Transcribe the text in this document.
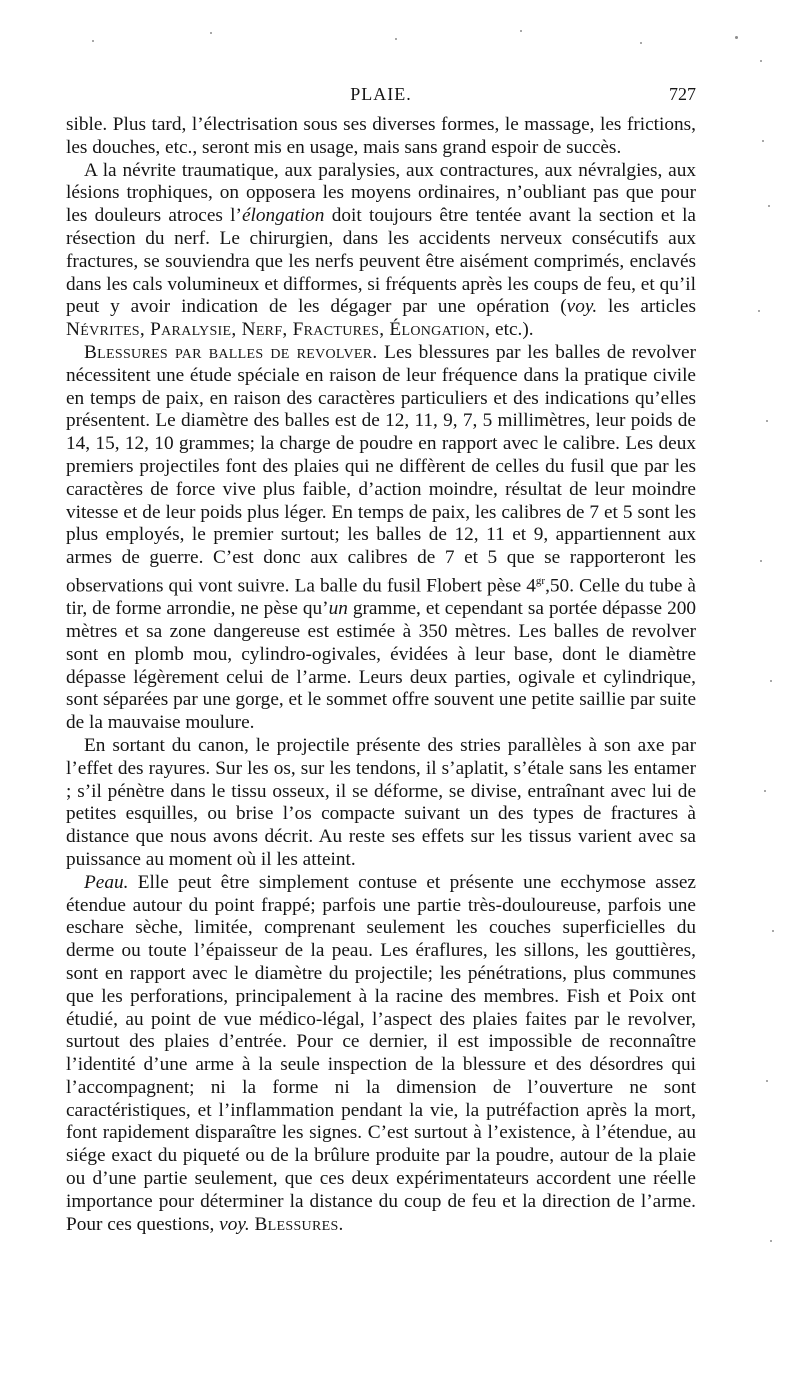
PLAIE.	727

sible. Plus tard, l’électrisation sous ses diverses formes, le massage, les frictions, les douches, etc., seront mis en usage, mais sans grand espoir de succès.

A la névrite traumatique, aux paralysies, aux contractures, aux névralgies, aux lésions trophiques, on opposera les moyens ordinaires, n’oubliant pas que pour les douleurs atroces l’élongation doit toujours être tentée avant la section et la résection du nerf. Le chirurgien, dans les accidents nerveux consécutifs aux fractures, se souviendra que les nerfs peuvent être aisément comprimés, enclavés dans les cals volumineux et difformes, si fréquents après les coups de feu, et qu’il peut y avoir indication de les dégager par une opération (voy. les articles Névrites, Paralysie, Nerf, Fractures, Élongation, etc.).

Blessures par balles de revolver. Les blessures par les balles de revolver nécessitent une étude spéciale en raison de leur fréquence dans la pratique civile en temps de paix, en raison des caractères particuliers et des indications qu’elles présentent. Le diamètre des balles est de 12, 11, 9, 7, 5 millimètres, leur poids de 14, 15, 12, 10 grammes; la charge de poudre en rapport avec le calibre. Les deux premiers projectiles font des plaies qui ne diffèrent de celles du fusil que par les caractères de force vive plus faible, d’action moindre, résultat de leur moindre vitesse et de leur poids plus léger. En temps de paix, les calibres de 7 et 5 sont les plus employés, le premier surtout; les balles de 12, 11 et 9, appartiennent aux armes de guerre. C’est donc aux calibres de 7 et 5 que se rapporteront les observations qui vont suivre. La balle du fusil Flobert pèse $4^{gr},50$. Celle du tube à tir, de forme arrondie, ne pèse qu’un gramme, et cependant sa portée dépasse 200 mètres et sa zone dangereuse est estimée à 350 mètres. Les balles de revolver sont en plomb mou, cylindro-ogivales, évidées à leur base, dont le diamètre dépasse légèrement celui de l’arme. Leurs deux parties, ogivale et cylindrique, sont séparées par une gorge, et le sommet offre souvent une petite saillie par suite de la mauvaise moulure.

En sortant du canon, le projectile présente des stries parallèles à son axe par l’effet des rayures. Sur les os, sur les tendons, il s’aplatit, s’étale sans les entamer ; s’il pénètre dans le tissu osseux, il se déforme, se divise, entraînant avec lui de petites esquilles, ou brise l’os compacte suivant un des types de fractures à distance que nous avons décrit. Au reste ses effets sur les tissus varient avec sa puissance au moment où il les atteint.

Peau. Elle peut être simplement contuse et présente une ecchymose assez étendue autour du point frappé; parfois une partie très-douloureuse, parfois une eschare sèche, limitée, comprenant seulement les couches superficielles du derme ou toute l’épaisseur de la peau. Les éraflures, les sillons, les gouttières, sont en rapport avec le diamètre du projectile; les pénétrations, plus communes que les perforations, principalement à la racine des membres. Fish et Poix ont étudié, au point de vue médico-légal, l’aspect des plaies faites par le revolver, surtout des plaies d’entrée. Pour ce dernier, il est impossible de reconnaître l’identité d’une arme à la seule inspection de la blessure et des désordres qui l’accompagnent; ni la forme ni la dimension de l’ouverture ne sont caractéristiques, et l’inflammation pendant la vie, la putréfaction après la mort, font rapidement disparaître les signes. C’est surtout à l’existence, à l’étendue, au siége exact du piqueté ou de la brûlure produite par la poudre, autour de la plaie ou d’une partie seulement, que ces deux expérimentateurs accordent une réelle importance pour déterminer la distance du coup de feu et la direction de l’arme. Pour ces questions, voy. Blessures.
